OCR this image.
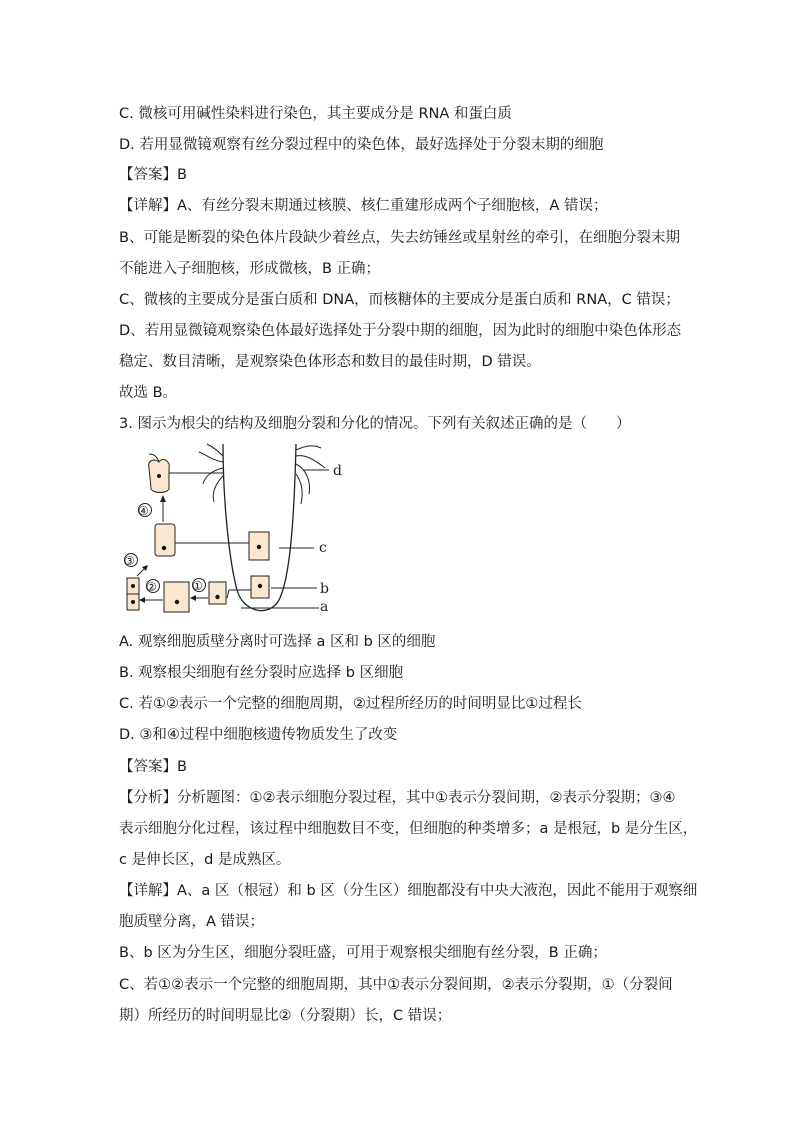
C. 微核可用碱性染料进行染色，其主要成分是 RNA 和蛋白质
D. 若用显微镜观察有丝分裂过程中的染色体，最好选择处于分裂末期的细胞
【答案】B
【详解】A、有丝分裂末期通过核膜、核仁重建形成两个子细胞核，A 错误；
B、可能是断裂的染色体片段缺少着丝点，失去纺锤丝或星射丝的牵引，在细胞分裂末期
不能进入子细胞核，形成微核，B 正确；
C、微核的主要成分是蛋白质和 DNA，而核糖体的主要成分是蛋白质和 RNA，C 错误；
D、若用显微镜观察染色体最好选择处于分裂中期的细胞，因为此时的细胞中染色体形态
稳定、数目清晰，是观察染色体形态和数目的最佳时期，D 错误。
故选 B。
3. 图示为根尖的结构及细胞分裂和分化的情况。下列有关叙述正确的是（　　）
d
c
b
a
①
②
③
④
A. 观察细胞质壁分离时可选择 a 区和 b 区的细胞
B. 观察根尖细胞有丝分裂时应选择 b 区细胞
C. 若①②表示一个完整的细胞周期，②过程所经历的时间明显比①过程长
D. ③和④过程中细胞核遗传物质发生了改变
【答案】B
【分析】分析题图：①②表示细胞分裂过程，其中①表示分裂间期，②表示分裂期；③④
表示细胞分化过程，该过程中细胞数目不变，但细胞的种类增多；a 是根冠，b 是分生区，
c 是伸长区，d 是成熟区。
【详解】A、a 区（根冠）和 b 区（分生区）细胞都没有中央大液泡，因此不能用于观察细
胞质壁分离，A 错误；
B、b 区为分生区，细胞分裂旺盛，可用于观察根尖细胞有丝分裂，B 正确；
C、若①②表示一个完整的细胞周期，其中①表示分裂间期，②表示分裂期，①（分裂间
期）所经历的时间明显比②（分裂期）长，C 错误；
